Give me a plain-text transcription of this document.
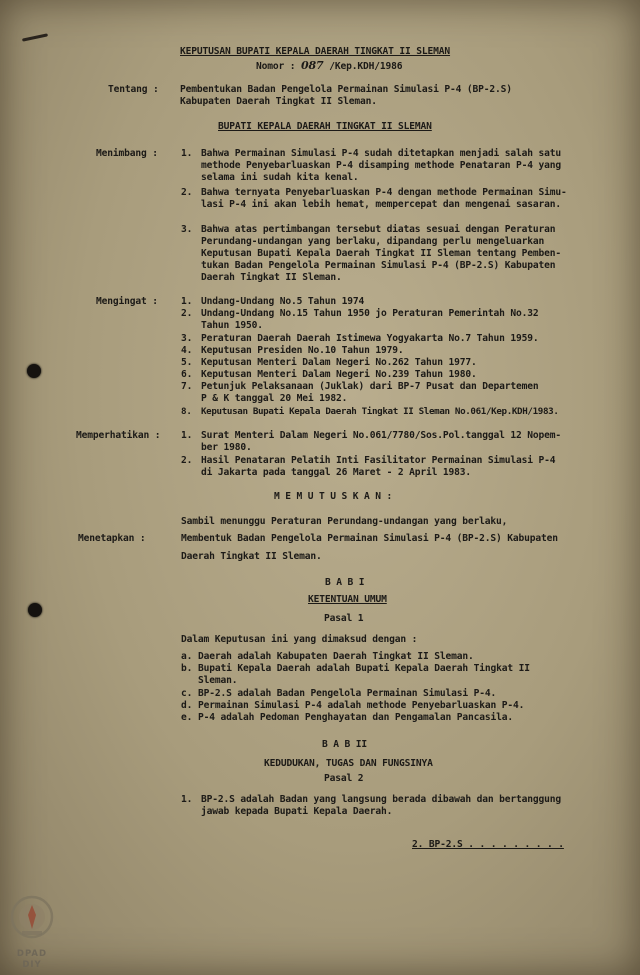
KEPUTUSAN BUPATI KEPALA DAERAH TINGKAT II SLEMAN
Nomor : 087 /Kep.KDH/1986
Tentang : Pembentukan Badan Pengelola Permainan Simulasi P-4 (BP-2.S)
Kabupaten Daerah Tingkat II Sleman.
BUPATI KEPALA DAERAH TINGKAT II SLEMAN
Menimbang : 1. Bahwa Permainan Simulasi P-4 sudah ditetapkan menjadi salah satu
methode Penyebarluaskan P-4 disamping methode Penataran P-4 yang
selama ini sudah kita kenal.
2. Bahwa ternyata Penyebarluaskan P-4 dengan methode Permainan Simu-
lasi P-4 ini akan lebih hemat, mempercepat dan mengenai sasaran.
3. Bahwa atas pertimbangan tersebut diatas sesuai dengan Peraturan
Perundang-undangan yang berlaku, dipandang perlu mengeluarkan
Keputusan Bupati Kepala Daerah Tingkat II Sleman tentang Pemben-
tukan Badan Pengelola Permainan Simulasi P-4 (BP-2.S) Kabupaten
Daerah Tingkat II Sleman.
Mengingat : 1. Undang-Undang No.5 Tahun 1974
2. Undang-Undang No.15 Tahun 1950 jo Peraturan Pemerintah No.32
Tahun 1950.
3. Peraturan Daerah Daerah Istimewa Yogyakarta No.7 Tahun 1959.
4. Keputusan Presiden No.10 Tahun 1979.
5. Keputusan Menteri Dalam Negeri No.262 Tahun 1977.
6. Keputusan Menteri Dalam Negeri No.239 Tahun 1980.
7. Petunjuk Pelaksanaan (Juklak) dari BP-7 Pusat dan Departemen
P & K tanggal 20 Mei 1982.
8. Keputusan Bupati Kepala Daerah Tingkat II Sleman No.061/Kep.KDH/1983.
Memperhatikan : 1. Surat Menteri Dalam Negeri No.061/7780/Sos.Pol.tanggal 12 Nopem-
ber 1980.
2. Hasil Penataran Pelatih Inti Fasilitator Permainan Simulasi P-4
di Jakarta pada tanggal 26 Maret - 2 April 1983.
M E M U T U S K A N :
Sambil menunggu Peraturan Perundang-undangan yang berlaku,
Menetapkan :	Membentuk Badan Pengelola Permainan Simulasi P-4 (BP-2.S) Kabupaten
Daerah Tingkat II Sleman.
B A B I
KETENTUAN UMUM
Pasal 1
Dalam Keputusan ini yang dimaksud dengan :
a. Daerah adalah Kabupaten Daerah Tingkat II Sleman.
b. Bupati Kepala Daerah adalah Bupati Kepala Daerah Tingkat II
Sleman.
c. BP-2.S adalah Badan Pengelola Permainan Simulasi P-4.
d. Permainan Simulasi P-4 adalah methode Penyebarluaskan P-4.
e. P-4 adalah Pedoman Penghayatan dan Pengamalan Pancasila.
B A B II
KEDUDUKAN, TUGAS DAN FUNGSINYA
Pasal 2
1. BP-2.S adalah Badan yang langsung berada dibawah dan bertanggung
jawab kepada Bupati Kepala Daerah.
2. BP-2.S . . . . . . . . .
DPAD
DIY
